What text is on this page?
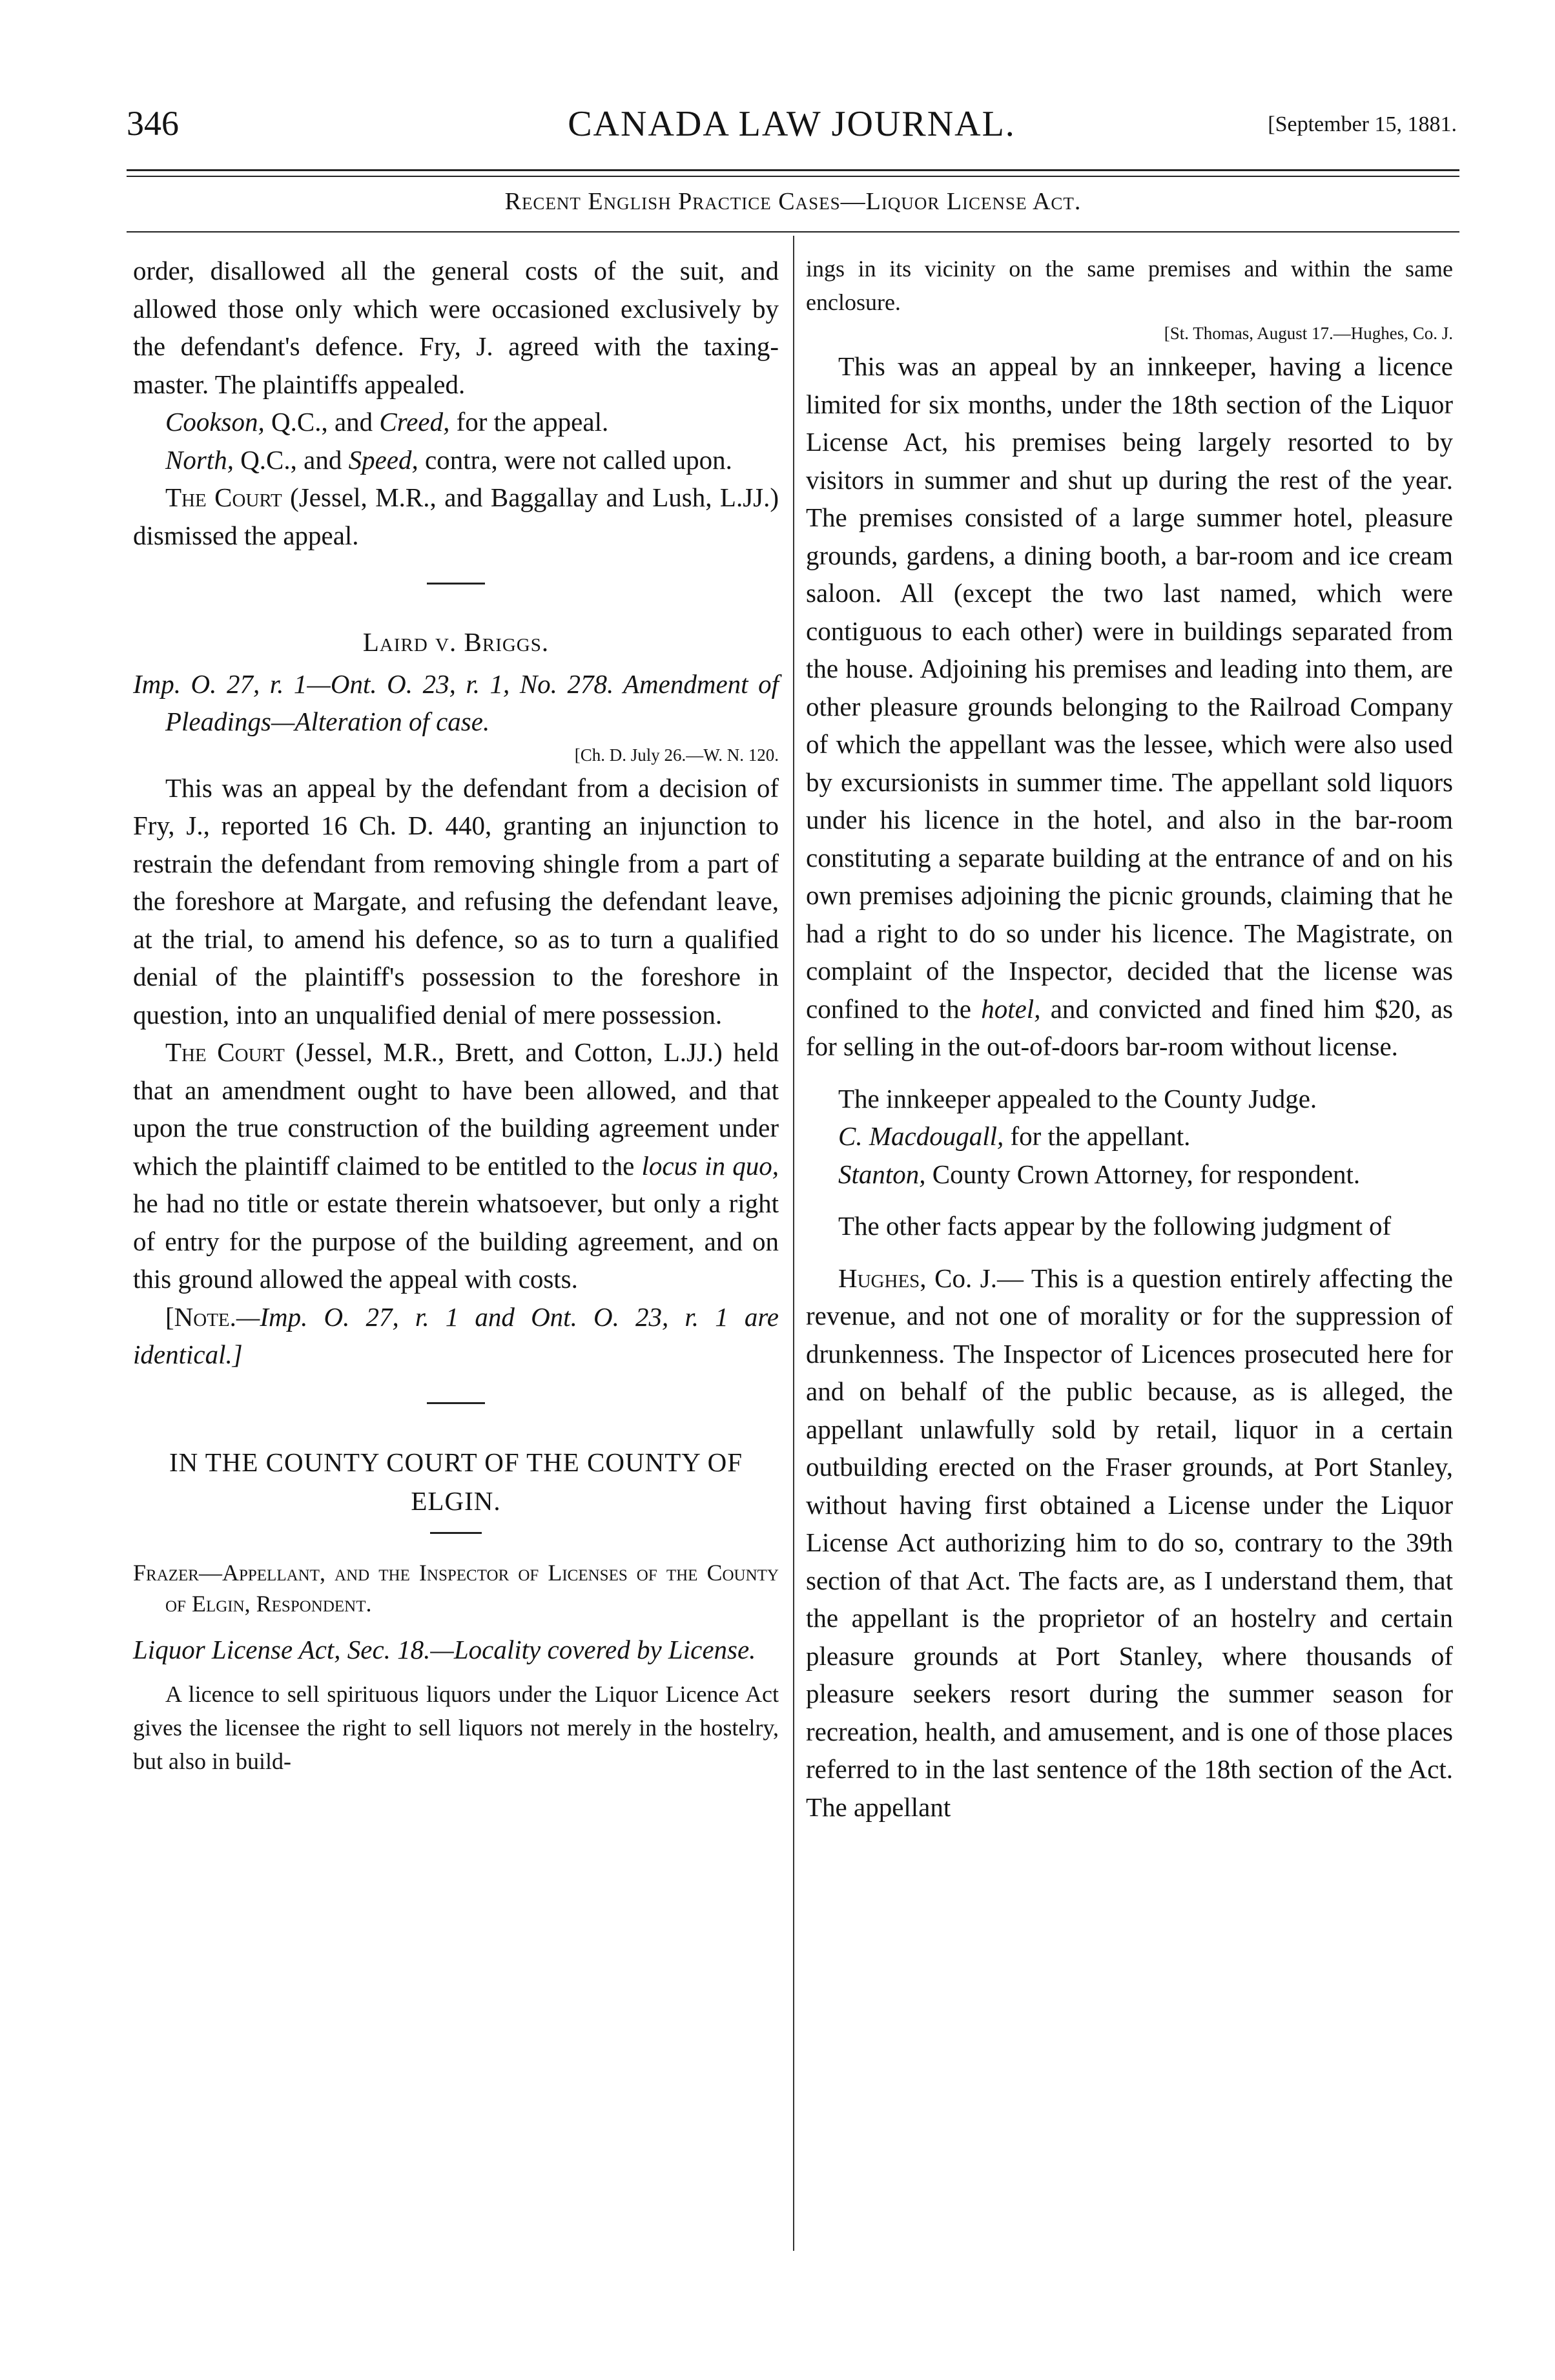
346	CANADA LAW JOURNAL.	[September 15, 1881.
Recent English Practice Cases—Liquor License Act.

order, disallowed all the general costs of the suit, and allowed those only which were occasioned exclusively by the defendant's defence. Fry, J. agreed with the taxing-master. The plaintiffs appealed.

Cookson, Q.C., and Creed, for the appeal.

North, Q.C., and Speed, contra, were not called upon.

The Court (Jessel, M.R., and Baggallay and Lush, L.JJ.) dismissed the appeal.

Laird v. Briggs.

Imp. O. 27, r. 1—Ont. O. 23, r. 1, No. 278. Amendment of Pleadings—Alteration of case.

[Ch. D. July 26.—W. N. 120.

This was an appeal by the defendant from a decision of Fry, J., reported 16 Ch. D. 440, granting an injunction to restrain the defendant from removing shingle from a part of the foreshore at Margate, and refusing the defendant leave, at the trial, to amend his defence, so as to turn a qualified denial of the plaintiff's possession to the foreshore in question, into an unqualified denial of mere possession.

The Court (Jessel, M.R., Brett, and Cotton, L.JJ.) held that an amendment ought to have been allowed, and that upon the true construction of the building agreement under which the plaintiff claimed to be entitled to the locus in quo, he had no title or estate therein whatsoever, but only a right of entry for the purpose of the building agreement, and on this ground allowed the appeal with costs.

[Note.—Imp. O. 27, r. 1 and Ont. O. 23, r. 1 are identical.]

IN THE COUNTY COURT OF THE COUNTY OF ELGIN.

Frazer—Appellant, and the Inspector of Licenses of the County of Elgin, Respondent.

Liquor License Act, Sec. 18.—Locality covered by License.

A licence to sell spirituous liquors under the Liquor Licence Act gives the licensee the right to sell liquors not merely in the hostelry, but also in build-

ings in its vicinity on the same premises and within the same enclosure.

[St. Thomas, August 17.—Hughes, Co. J.

This was an appeal by an innkeeper, having a licence limited for six months, under the 18th section of the Liquor License Act, his premises being largely resorted to by visitors in summer and shut up during the rest of the year. The premises consisted of a large summer hotel, pleasure grounds, gardens, a dining booth, a bar-room and ice cream saloon. All (except the two last named, which were contiguous to each other) were in buildings separated from the house. Adjoining his premises and leading into them, are other pleasure grounds belonging to the Railroad Company of which the appellant was the lessee, which were also used by excursionists in summer time. The appellant sold liquors under his licence in the hotel, and also in the bar-room constituting a separate building at the entrance of and on his own premises adjoining the picnic grounds, claiming that he had a right to do so under his licence. The Magistrate, on complaint of the Inspector, decided that the license was confined to the hotel, and convicted and fined him $20, as for selling in the out-of-doors bar-room without license.

The innkeeper appealed to the County Judge.

C. Macdougall, for the appellant.

Stanton, County Crown Attorney, for respondent.

The other facts appear by the following judgment of

Hughes, Co. J.— This is a question entirely affecting the revenue, and not one of morality or for the suppression of drunkenness. The Inspector of Licences prosecuted here for and on behalf of the public because, as is alleged, the appellant unlawfully sold by retail, liquor in a certain outbuilding erected on the Fraser grounds, at Port Stanley, without having first obtained a License under the Liquor License Act authorizing him to do so, contrary to the 39th section of that Act. The facts are, as I understand them, that the appellant is the proprietor of an hostelry and certain pleasure grounds at Port Stanley, where thousands of pleasure seekers resort during the summer season for recreation, health, and amusement, and is one of those places referred to in the last sentence of the 18th section of the Act. The appellant
